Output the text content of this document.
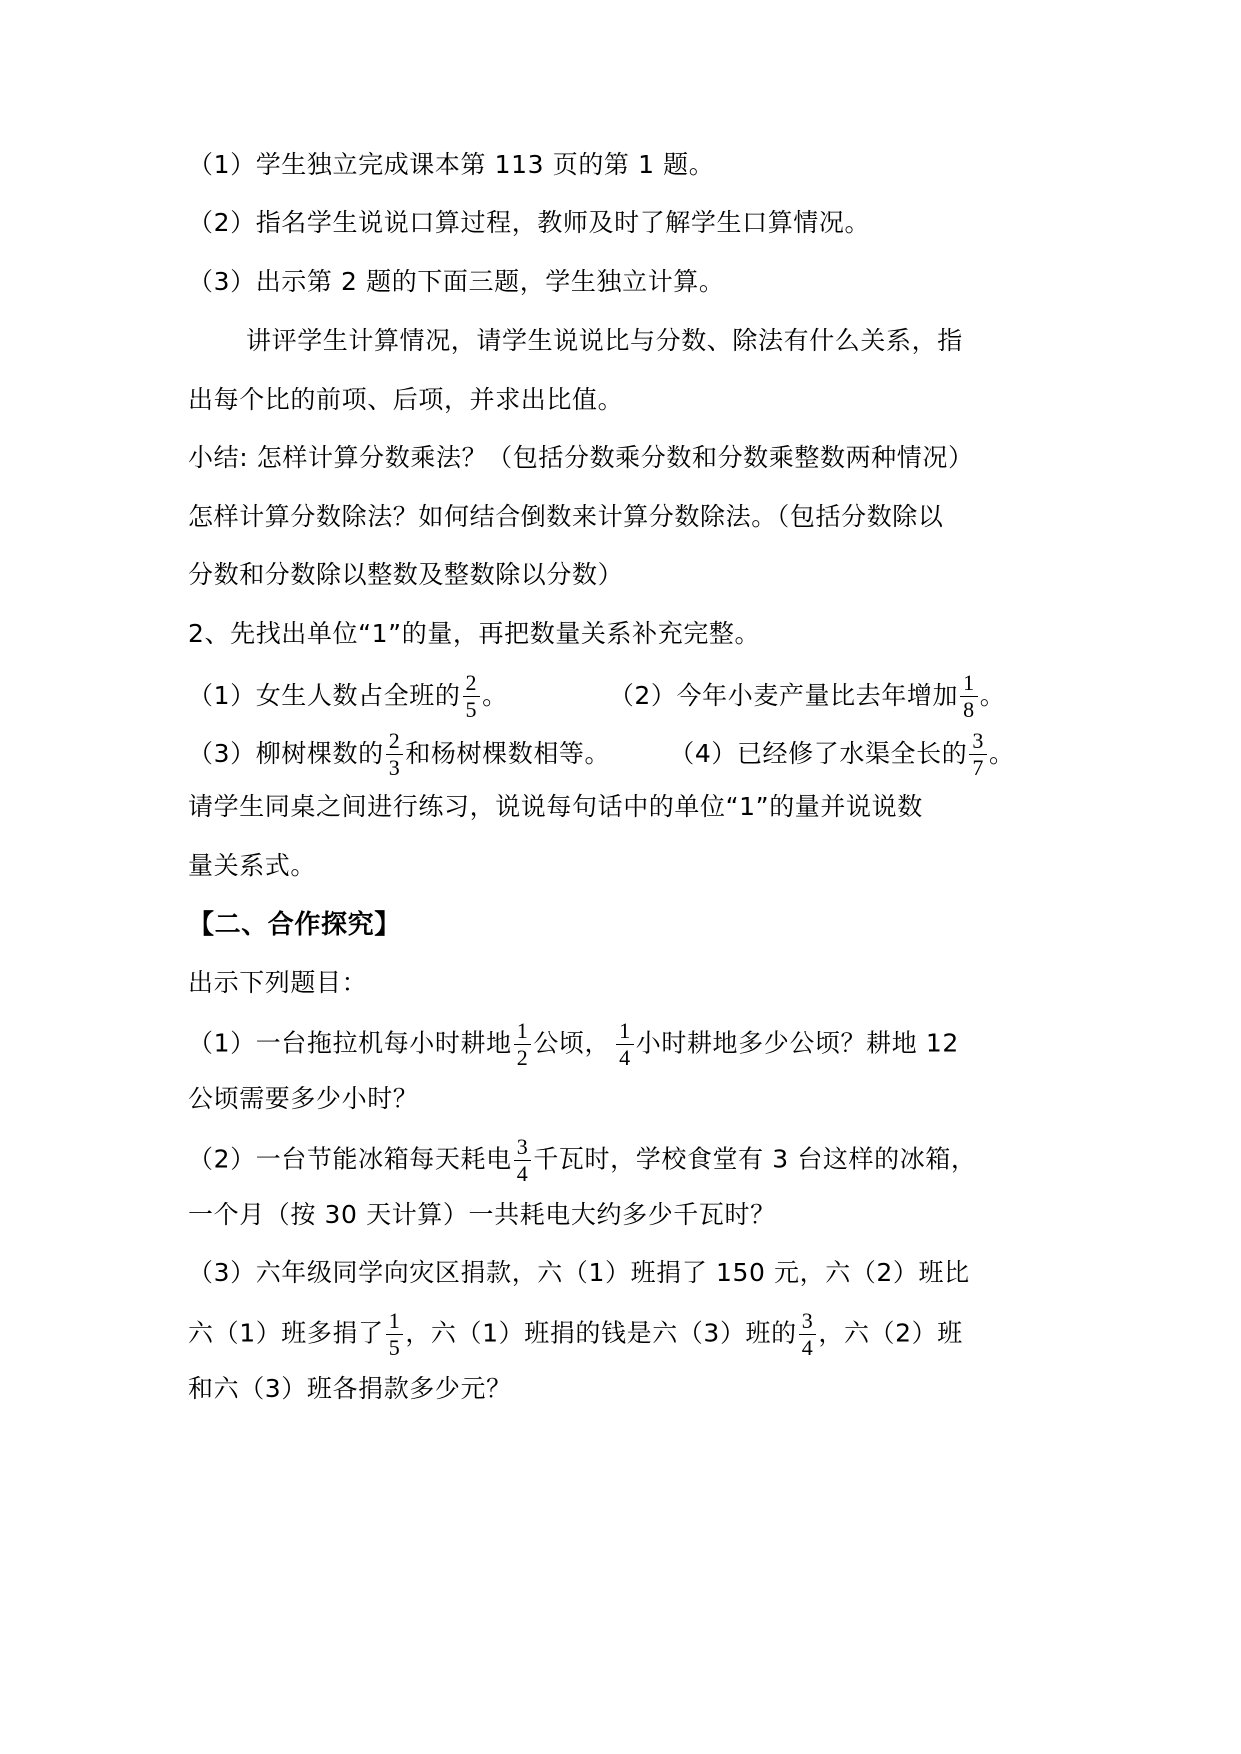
（1）学生独立完成课本第 113 页的第 1 题。
（2）指名学生说说口算过程，教师及时了解学生口算情况。
（3）出示第 2 题的下面三题，学生独立计算。
讲评学生计算情况，请学生说说比与分数、除法有什么关系，指
出每个比的前项、后项，并求出比值。
小结: 怎样计算分数乘法？（包括分数乘分数和分数乘整数两种情况）
怎样计算分数除法？如何结合倒数来计算分数除法。（包括分数除以
分数和分数除以整数及整数除以分数）
2、先找出单位“1”的量，再把数量关系补充完整。
（1）女生人数占全班的 $\frac{2}{5}$ 。	（2）今年小麦产量比去年增加 $\frac{1}{8}$ 。
（3）柳树棵数的 $\frac{2}{3}$ 和杨树棵数相等。 （4）已经修了水渠全长的 $\frac{3}{7}$ 。
请学生同桌之间进行练习，说说每句话中的单位“1”的量并说说数
量关系式。
【二、合作探究】
出示下列题目：
（1）一台拖拉机每小时耕地 $\frac{1}{2}$ 公顷， $\frac{1}{4}$ 小时耕地多少公顷？耕地 12
公顷需要多少小时？
（2）一台节能冰箱每天耗电 $\frac{3}{4}$ 千瓦时，学校食堂有 3 台这样的冰箱，
一个月（按 30 天计算）一共耗电大约多少千瓦时？
（3）六年级同学向灾区捐款，六（1）班捐了 150 元，六（2）班比
六（1）班多捐了 $\frac{1}{5}$ ，六（1）班捐的钱是六（3）班的 $\frac{3}{4}$ ，六（2）班
和六（3）班各捐款多少元？
